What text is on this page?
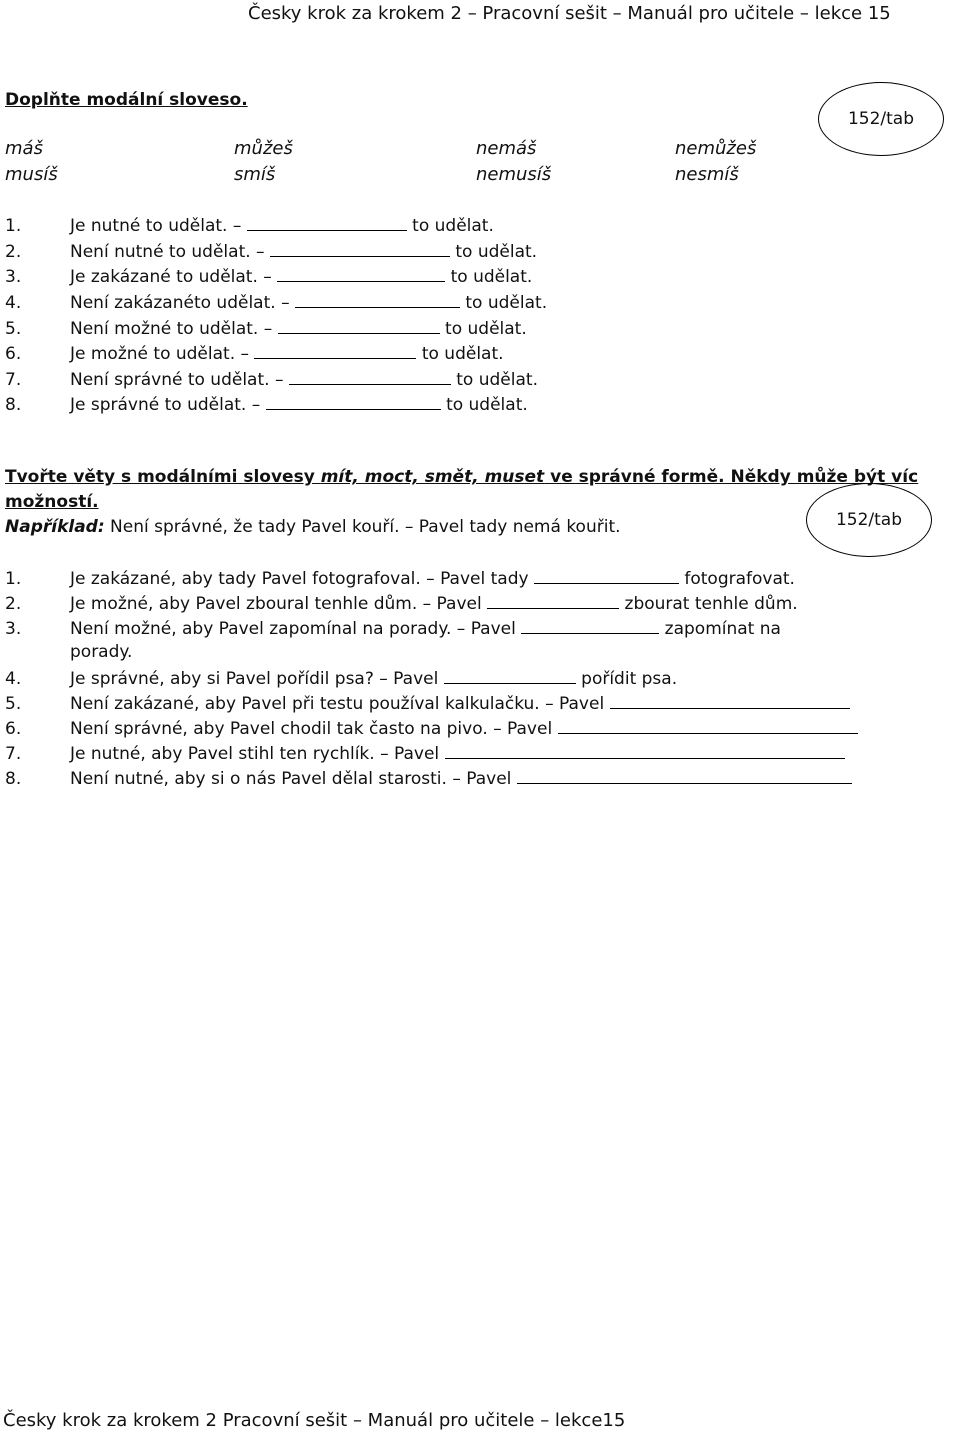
Česky krok za krokem 2 – Pracovní sešit – Manuál pro učitele – lekce 15
Doplňte modální sloveso.
152/tab
máš	můžeš	nemáš	nemůžeš
musíš	smíš	nemusíš	nesmíš
1.	Je nutné to udělat. –	to udělat.
2.	Není nutné to udělat. –	to udělat.
3.	Je zakázané to udělat. –	to udělat.
4.	Není zakázanéto udělat. –	to udělat.
5.	Není možné to udělat. –	to udělat.
6.	Je možné to udělat. –	to udělat.
7.	Není správné to udělat. –	to udělat.
8.	Je správné to udělat. –	to udělat.
Tvořte věty s modálními slovesy mít, moct, smět, muset ve správné formě. Někdy může být víc
možností.
Například: Není správné, že tady Pavel kouří. – Pavel tady nemá kouřit.	152/tab
1.	Je zakázané, aby tady Pavel fotografoval. – Pavel tady	fotografovat.
2.	Je možné, aby Pavel zboural tenhle dům. – Pavel	zbourat tenhle dům.
3.	Není možné, aby Pavel zapomínal na porady. – Pavel	zapomínat na
porady.
4.	Je správné, aby si Pavel pořídil psa? – Pavel	pořídit psa.
5.	Není zakázané, aby Pavel při testu používal kalkulačku. – Pavel
6.	Není správné, aby Pavel chodil tak často na pivo. – Pavel
7.	Je nutné, aby Pavel stihl ten rychlík. – Pavel
8.	Není nutné, aby si o nás Pavel dělal starosti. – Pavel
Česky krok za krokem 2 Pracovní sešit – Manuál pro učitele – lekce15
